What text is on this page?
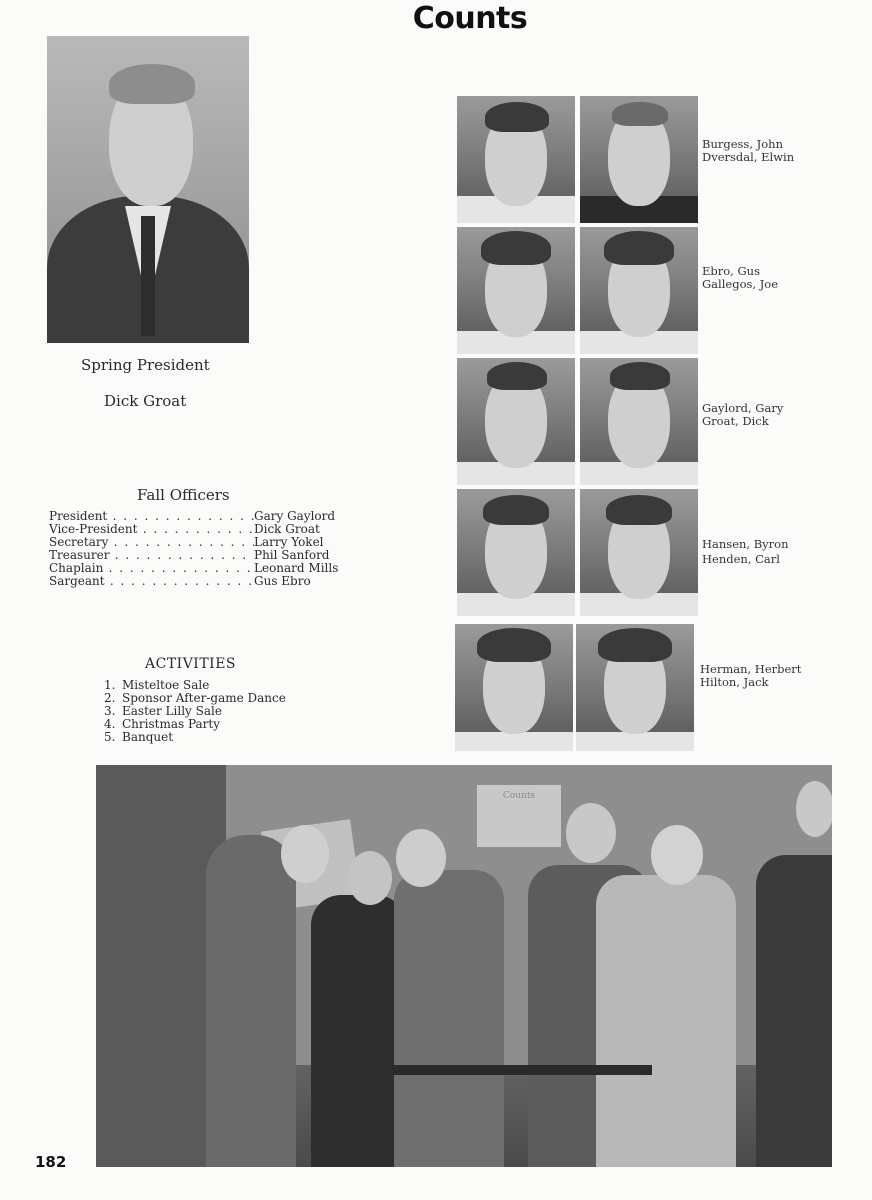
Counts
Spring President
Dick Groat
Fall Officers
President . . .	Gary Gaylord
Vice-President . . .	Dick Groat
Secretary . . .	Larry Yokel
Treasurer . . .	Phil Sanford
Chaplain . . .	Leonard Mills
Sargeant . . .	Gus Ebro
ACTIVITIES
1. Misteltoe Sale
2. Sponsor After-game Dance
3. Easter Lilly Sale
4. Christmas Party
5. Banquet
Burgess, John
Dversdal, Elwin
Ebro, Gus
Gallegos, Joe
Gaylord, Gary
Groat, Dick
Hansen, Byron
Henden, Carl
Herman, Herbert
Hilton, Jack
Counts
182
